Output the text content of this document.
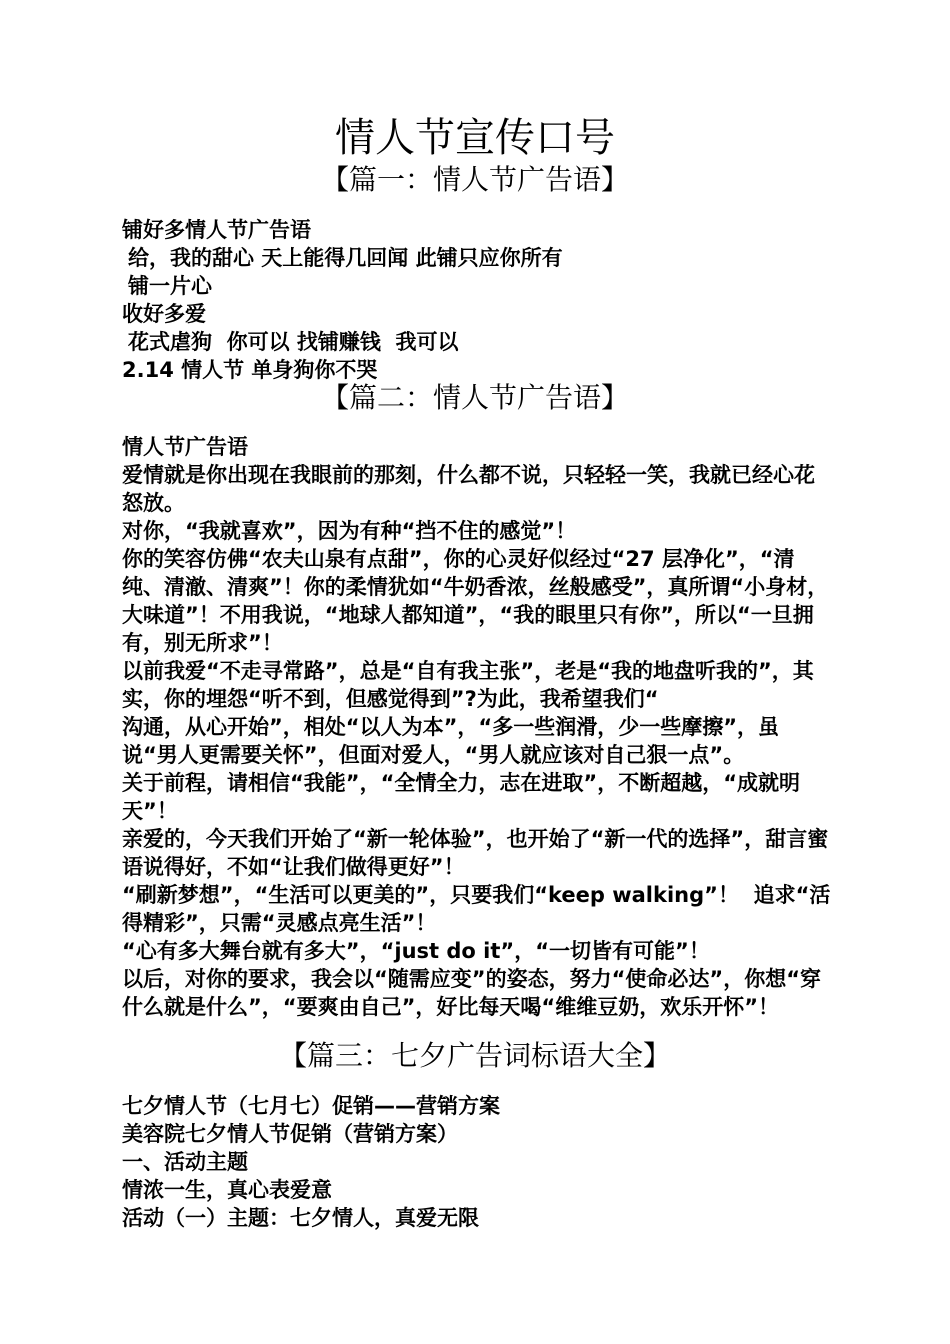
情人节宣传口号
【篇一：情人节广告语】
铺好多情人节广告语
给，我的甜心 天上能得几回闻 此铺只应你所有
铺一片心
收好多爱
花式虐狗  你可以 找铺赚钱  我可以
2.14 情人节 单身狗你不哭
【篇二：情人节广告语】
情人节广告语
爱情就是你出现在我眼前的那刻，什么都不说，只轻轻一笑，我就已经心花怒放。
对你，“我就喜欢”，因为有种“挡不住的感觉”！
你的笑容仿佛“农夫山泉有点甜”，你的心灵好似经过“27 层净化”，“清纯、清澈、清爽”！你的柔情犹如“牛奶香浓，丝般感受”，真所谓“小身材，大味道”！不用我说，“地球人都知道”，“我的眼里只有你”，所以“一旦拥有，别无所求”！
以前我爱“不走寻常路”，总是“自有我主张”，老是“我的地盘听我的”，其实，你的埋怨“听不到，但感觉得到”?为此，我希望我们“
沟通，从心开始”，相处“以人为本”，“多一些润滑，少一些摩擦”，虽说“男人更需要关怀”，但面对爱人，“男人就应该对自己狠一点”。
关于前程，请相信“我能”，“全情全力，志在进取”，不断超越，“成就明天”！
亲爱的，今天我们开始了“新一轮体验”，也开始了“新一代的选择”，甜言蜜语说得好，不如“让我们做得更好”！
“刷新梦想”，“生活可以更美的”，只要我们“keep walking”！  追求“活得精彩”，只需“灵感点亮生活”！
“心有多大舞台就有多大”，“just do it”，“一切皆有可能”！
以后，对你的要求，我会以“随需应变”的姿态，努力“使命必达”，你想“穿什么就是什么”，“要爽由自己”，好比每天喝“维维豆奶，欢乐开怀”！
【篇三：七夕广告词标语大全】
七夕情人节（七月七）促销——营销方案
美容院七夕情人节促销（营销方案）
一、活动主题
情浓一生，真心表爱意
活动（一）主题：七夕情人，真爱无限
